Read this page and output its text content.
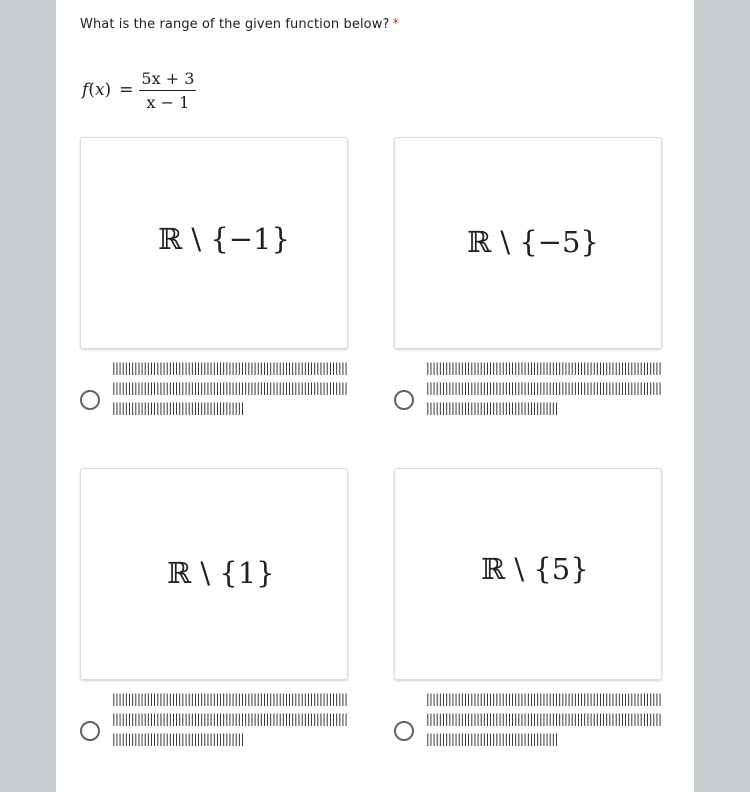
What is the range of the given function below? *
$f(x) = \frac{5x + 3}{x - 1}$
ℝ \ {−1}
||||||||||||||||||||||||||||||||||||||||||||||||||||||||||||||||||||||||||||||||||||||||||||||||||||||||||||||||||||||||||||||||||||||||||||||||||||||||||||||||||||||||||||||||||||||||||||||||
ℝ \ {−5}
||||||||||||||||||||||||||||||||||||||||||||||||||||||||||||||||||||||||||||||||||||||||||||||||||||||||||||||||||||||||||||||||||||||||||||||||||||||||||||||||||||||||||||||||||||||||||||||||
ℝ \ {1}
||||||||||||||||||||||||||||||||||||||||||||||||||||||||||||||||||||||||||||||||||||||||||||||||||||||||||||||||||||||||||||||||||||||||||||||||||||||||||||||||||||||||||||||||||||||||||||||||
ℝ \ {5}
||||||||||||||||||||||||||||||||||||||||||||||||||||||||||||||||||||||||||||||||||||||||||||||||||||||||||||||||||||||||||||||||||||||||||||||||||||||||||||||||||||||||||||||||||||||||||||||||
